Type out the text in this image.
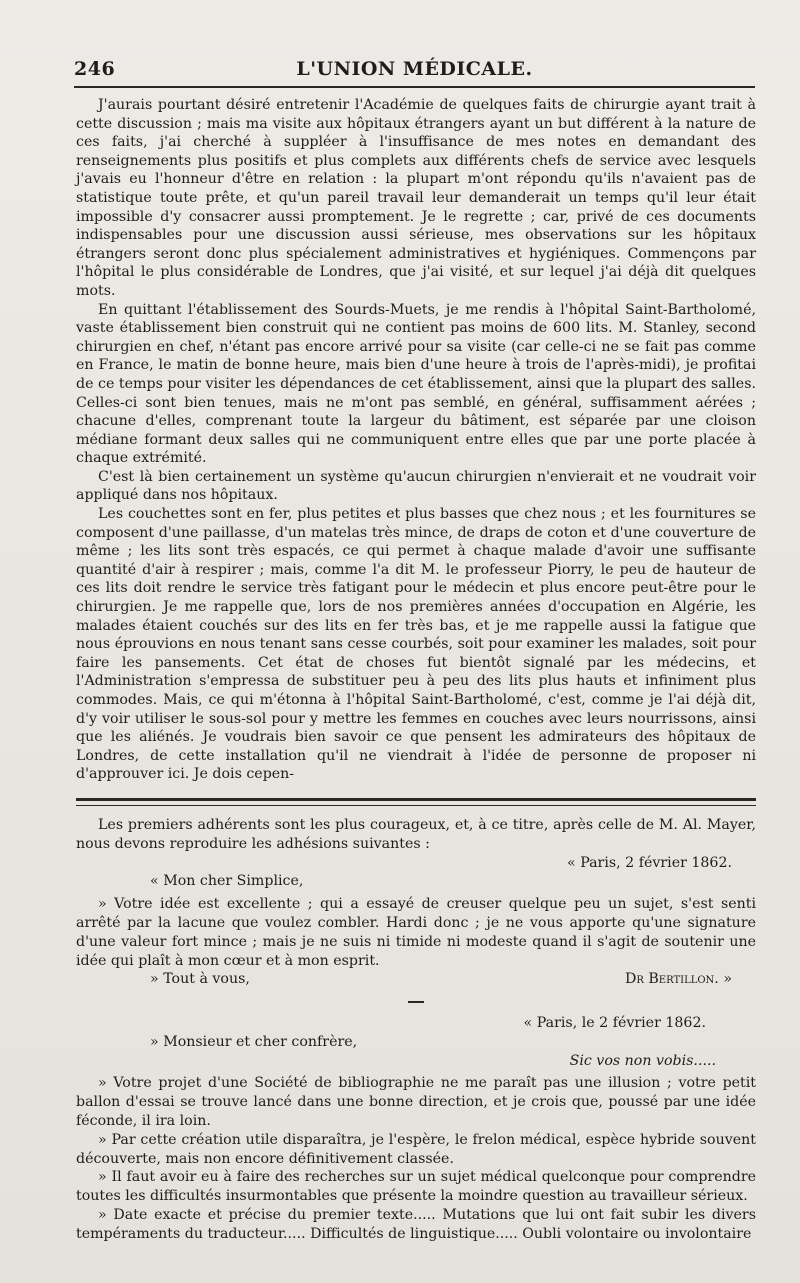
246	L'UNION MÉDICALE.

J'aurais pourtant désiré entretenir l'Académie de quelques faits de chirurgie ayant trait à cette discussion ; mais ma visite aux hôpitaux étrangers ayant un but différent à la nature de ces faits, j'ai cherché à suppléer à l'insuffisance de mes notes en demandant des renseignements plus positifs et plus complets aux différents chefs de service avec lesquels j'avais eu l'honneur d'être en relation : la plupart m'ont répondu qu'ils n'avaient pas de statistique toute prête, et qu'un pareil travail leur demanderait un temps qu'il leur était impossible d'y consacrer aussi promptement. Je le regrette ; car, privé de ces documents indispensables pour une discussion aussi sérieuse, mes observations sur les hôpitaux étrangers seront donc plus spécialement administratives et hygiéniques. Commençons par l'hôpital le plus considérable de Londres, que j'ai visité, et sur lequel j'ai déjà dit quelques mots.

En quittant l'établissement des Sourds-Muets, je me rendis à l'hôpital Saint-Bartholomé, vaste établissement bien construit qui ne contient pas moins de 600 lits. M. Stanley, second chirurgien en chef, n'étant pas encore arrivé pour sa visite (car celle-ci ne se fait pas comme en France, le matin de bonne heure, mais bien d'une heure à trois de l'après-midi), je profitai de ce temps pour visiter les dépendances de cet établissement, ainsi que la plupart des salles. Celles-ci sont bien tenues, mais ne m'ont pas semblé, en général, suffisamment aérées ; chacune d'elles, comprenant toute la largeur du bâtiment, est séparée par une cloison médiane formant deux salles qui ne communiquent entre elles que par une porte placée à chaque extrémité.

C'est là bien certainement un système qu'aucun chirurgien n'envierait et ne voudrait voir appliqué dans nos hôpitaux.

Les couchettes sont en fer, plus petites et plus basses que chez nous ; et les fournitures se composent d'une paillasse, d'un matelas très mince, de draps de coton et d'une couverture de même ; les lits sont très espacés, ce qui permet à chaque malade d'avoir une suffisante quantité d'air à respirer ; mais, comme l'a dit M. le professeur Piorry, le peu de hauteur de ces lits doit rendre le service très fatigant pour le médecin et plus encore peut-être pour le chirurgien. Je me rappelle que, lors de nos premières années d'occupation en Algérie, les malades étaient couchés sur des lits en fer très bas, et je me rappelle aussi la fatigue que nous éprouvions en nous tenant sans cesse courbés, soit pour examiner les malades, soit pour faire les pansements. Cet état de choses fut bientôt signalé par les médecins, et l'Administration s'empressa de substituer peu à peu des lits plus hauts et infiniment plus commodes. Mais, ce qui m'étonna à l'hôpital Saint-Bartholomé, c'est, comme je l'ai déjà dit, d'y voir utiliser le sous-sol pour y mettre les femmes en couches avec leurs nourrissons, ainsi que les aliénés. Je voudrais bien savoir ce que pensent les admirateurs des hôpitaux de Londres, de cette installation qu'il ne viendrait à l'idée de personne de proposer ni d'approuver ici. Je dois cepen-

Les premiers adhérents sont les plus courageux, et, à ce titre, après celle de M. Al. Mayer, nous devons reproduire les adhésions suivantes :

« Paris, 2 février 1862.

« Mon cher Simplice,

» Votre idée est excellente ; qui a essayé de creuser quelque peu un sujet, s'est senti arrêté par la lacune que voulez combler. Hardi donc ; je ne vous apporte qu'une signature d'une valeur fort mince ; mais je ne suis ni timide ni modeste quand il s'agit de soutenir une idée qui plaît à mon cœur et à mon esprit.

» Tout à vous,	Dr Bertillon. »

« Paris, le 2 février 1862.

» Monsieur et cher confrère,

Sic vos non vobis.....

» Votre projet d'une Société de bibliographie ne me paraît pas une illusion ; votre petit ballon d'essai se trouve lancé dans une bonne direction, et je crois que, poussé par une idée féconde, il ira loin.

» Par cette création utile disparaîtra, je l'espère, le frelon médical, espèce hybride souvent découverte, mais non encore définitivement classée.

» Il faut avoir eu à faire des recherches sur un sujet médical quelconque pour comprendre toutes les difficultés insurmontables que présente la moindre question au travailleur sérieux.

» Date exacte et précise du premier texte..... Mutations que lui ont fait subir les divers tempéraments du traducteur..... Difficultés de linguistique..... Oubli volontaire ou involontaire
